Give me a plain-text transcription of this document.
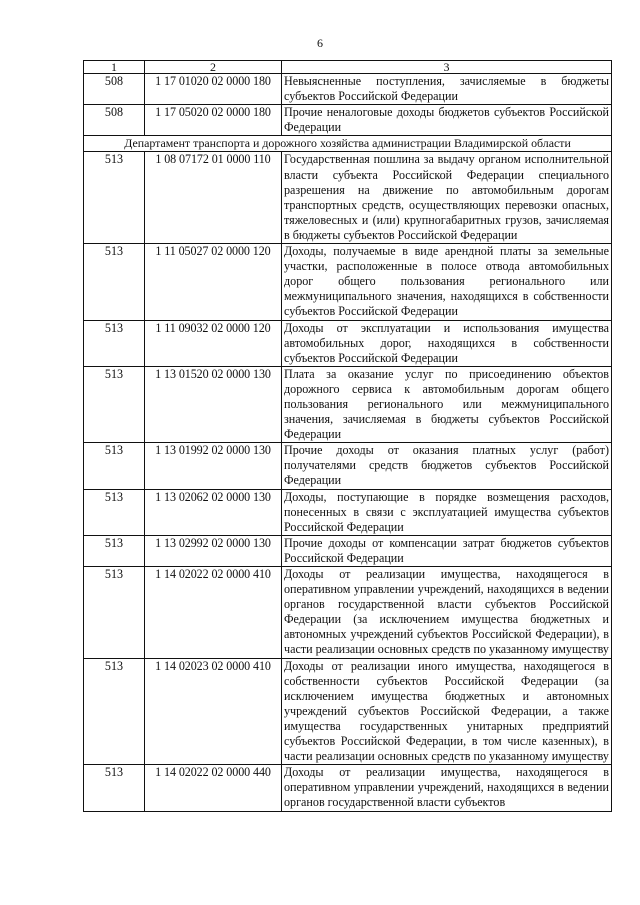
6
1	2	3
508	1 17 01020 02 0000 180	Невыясненные поступления, зачисляемые в бюджеты субъектов Российской Федерации
508	1 17 05020 02 0000 180	Прочие неналоговые доходы бюджетов субъектов Российской Федерации
Департамент транспорта и дорожного хозяйства администрации Владимирской области		
513	1 08 07172 01 0000 110	Государственная пошлина за выдачу органом исполнительной власти субъекта Российской Федерации специального разрешения на движение по автомобильным дорогам транспортных средств, осуществляющих перевозки опасных, тяжеловесных и (или) крупногабаритных грузов, зачисляемая в бюджеты субъектов Российской Федерации
513	1 11 05027 02 0000 120	Доходы, получаемые в виде арендной платы за земельные участки, расположенные в полосе отвода автомобильных дорог общего пользования регионального или межмуниципального значения, находящихся в собственности субъектов Российской Федерации
513	1 11 09032 02 0000 120	Доходы от эксплуатации и использования имущества автомобильных дорог, находящихся в собственности субъектов Российской Федерации
513	1 13 01520 02 0000 130	Плата за оказание услуг по присоединению объектов дорожного сервиса к автомобильным дорогам общего пользования регионального или межмуниципального значения, зачисляемая в бюджеты субъектов Российской Федерации
513	1 13 01992 02 0000 130	Прочие доходы от оказания платных услуг (работ) получателями средств бюджетов субъектов Российской Федерации
513	1 13 02062 02 0000 130	Доходы, поступающие в порядке возмещения расходов, понесенных в связи с эксплуатацией имущества субъектов Российской Федерации
513	1 13 02992 02 0000 130	Прочие доходы от компенсации затрат бюджетов субъектов Российской Федерации
513	1 14 02022 02 0000 410	Доходы от реализации имущества, находящегося в оперативном управлении учреждений, находящихся в ведении органов государственной власти субъектов Российской Федерации (за исключением имущества бюджетных и автономных учреждений субъектов Российской Федерации), в части реализации основных средств по указанному имуществу
513	1 14 02023 02 0000 410	Доходы от реализации иного имущества, находящегося в собственности субъектов Российской Федерации (за исключением имущества бюджетных и автономных учреждений субъектов Российской Федерации, а также имущества государственных унитарных предприятий субъектов Российской Федерации, в том числе казенных), в части реализации основных средств по указанному имуществу
513	1 14 02022 02 0000 440	Доходы от реализации имущества, находящегося в оперативном управлении учреждений, находящихся в ведении органов государственной власти субъектов
